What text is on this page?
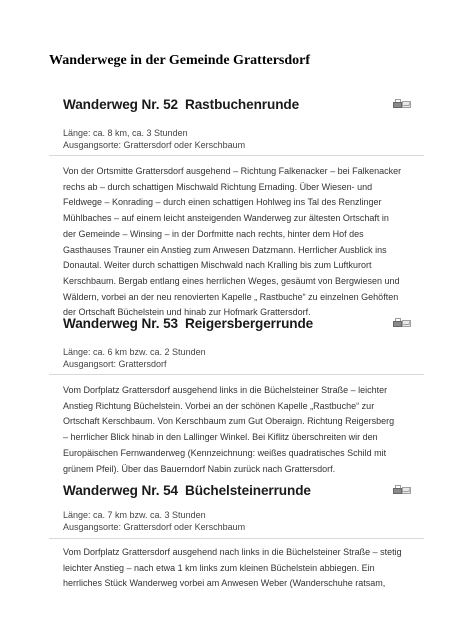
Wanderwege in der Gemeinde Grattersdorf
Wanderweg Nr. 52 Rastbuchenrunde
Länge: ca. 8 km, ca. 3 Stunden
Ausgangsorte: Grattersdorf oder Kerschbaum
Von der Ortsmitte Grattersdorf ausgehend – Richtung Falkenacker – bei Falkenacker
rechs ab – durch schattigen Mischwald Richtung Ernading. Über Wiesen- und
Feldwege – Konrading – durch einen schattigen Hohlweg ins Tal des Renzlinger
Mühlbaches – auf einem leicht ansteigenden Wanderweg zur ältesten Ortschaft in
der Gemeinde – Winsing – in der Dorfmitte nach rechts, hinter dem Hof des
Gasthauses Trauner ein Anstieg zum Anwesen Datzmann. Herrlicher Ausblick ins
Donautal. Weiter durch schattigen Mischwald nach Kralling bis zum Luftkurort
Kerschbaum. Bergab entlang eines herrlichen Weges, gesäumt von Bergwiesen und
Wäldern, vorbei an der neu renovierten Kapelle „ Rastbuche“ zu einzelnen Gehöften
der Ortschaft Büchelstein und hinab zur Hofmark Grattersdorf.
Wanderweg Nr. 53 Reigersbergerrunde
Länge: ca. 6 km bzw. ca. 2 Stunden
Ausgangsort: Grattersdorf
Vom Dorfplatz Grattersdorf ausgehend links in die Büchelsteiner Straße – leichter
Anstieg Richtung Büchelstein. Vorbei an der schönen Kapelle „Rastbuche“ zur
Ortschaft Kerschbaum. Von Kerschbaum zum Gut Oberaign. Richtung Reigersberg
– herrlicher Blick hinab in den Lallinger Winkel. Bei Kiflitz überschreiten wir den
Europäischen Fernwanderweg (Kennzeichnung: weißes quadratisches Schild mit
grünem Pfeil). Über das Bauerndorf Nabin zurück nach Grattersdorf.
Wanderweg Nr. 54 Büchelsteinerrunde
Länge: ca. 7 km bzw. ca. 3 Stunden
Ausgangsorte: Grattersdorf oder Kerschbaum
Vom Dorfplatz Grattersdorf ausgehend nach links in die Büchelsteiner Straße – stetig
leichter Anstieg – nach etwa 1 km links zum kleinen Büchelstein abbiegen. Ein
herrliches Stück Wanderweg vorbei am Anwesen Weber (Wanderschuhe ratsam,
